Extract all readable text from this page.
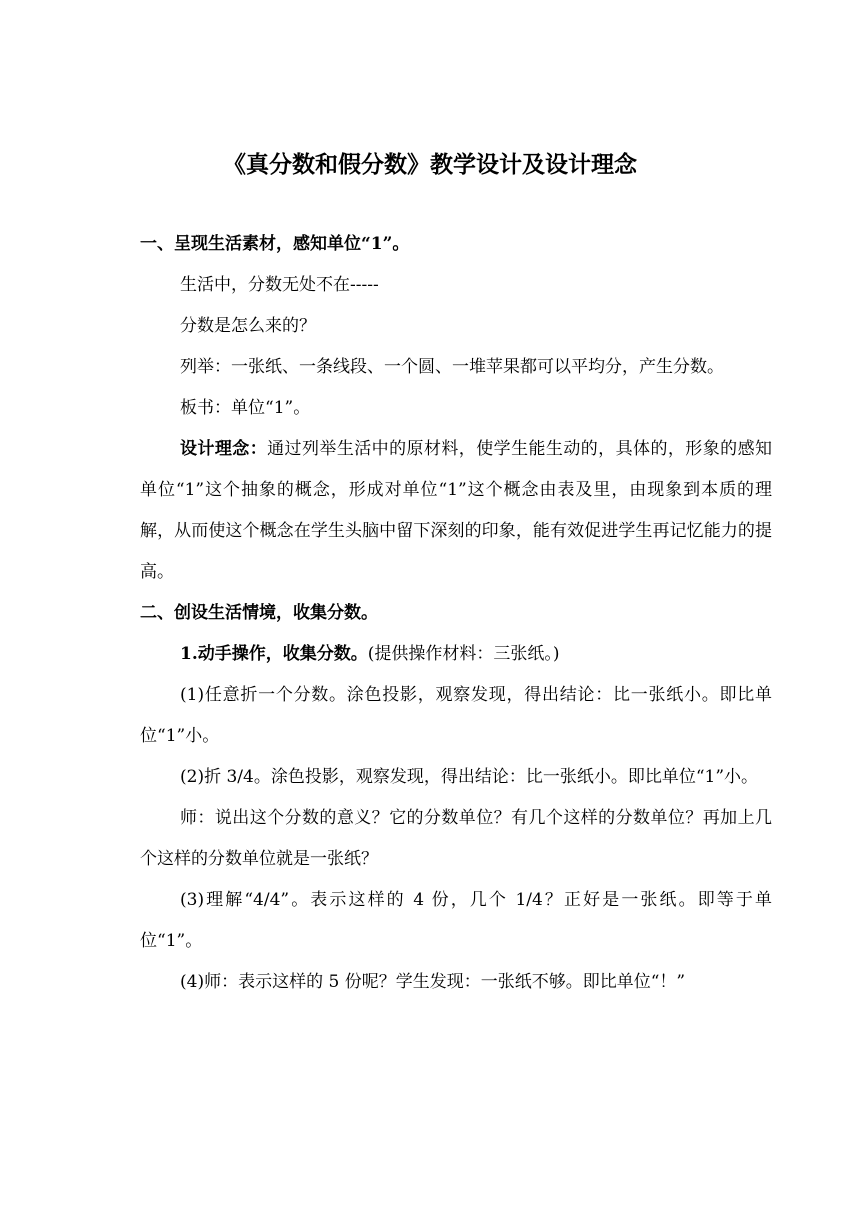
《真分数和假分数》教学设计及设计理念

一、呈现生活素材，感知单位“1”。

生活中，分数无处不在-----

分数是怎么来的？

列举：一张纸、一条线段、一个圆、一堆苹果都可以平均分，产生分数。

板书：单位“1”。

设计理念：通过列举生活中的原材料，使学生能生动的，具体的，形象的感知单位“1”这个抽象的概念，形成对单位“1”这个概念由表及里，由现象到本质的理解，从而使这个概念在学生头脑中留下深刻的印象，能有效促进学生再记忆能力的提高。

二、创设生活情境，收集分数。

1.动手操作，收集分数。(提供操作材料：三张纸。)

(1)任意折一个分数。涂色投影，观察发现，得出结论：比一张纸小。即比单位“1”小。

(2)折 3/4。涂色投影，观察发现，得出结论：比一张纸小。即比单位“1”小。

师：说出这个分数的意义？它的分数单位？有几个这样的分数单位？再加上几个这样的分数单位就是一张纸？

(3)理解“4/4”。表示这样的 4 份，几个 1/4？正好是一张纸。即等于单位“1”。

(4)师：表示这样的 5 份呢？学生发现：一张纸不够。即比单位“！”
